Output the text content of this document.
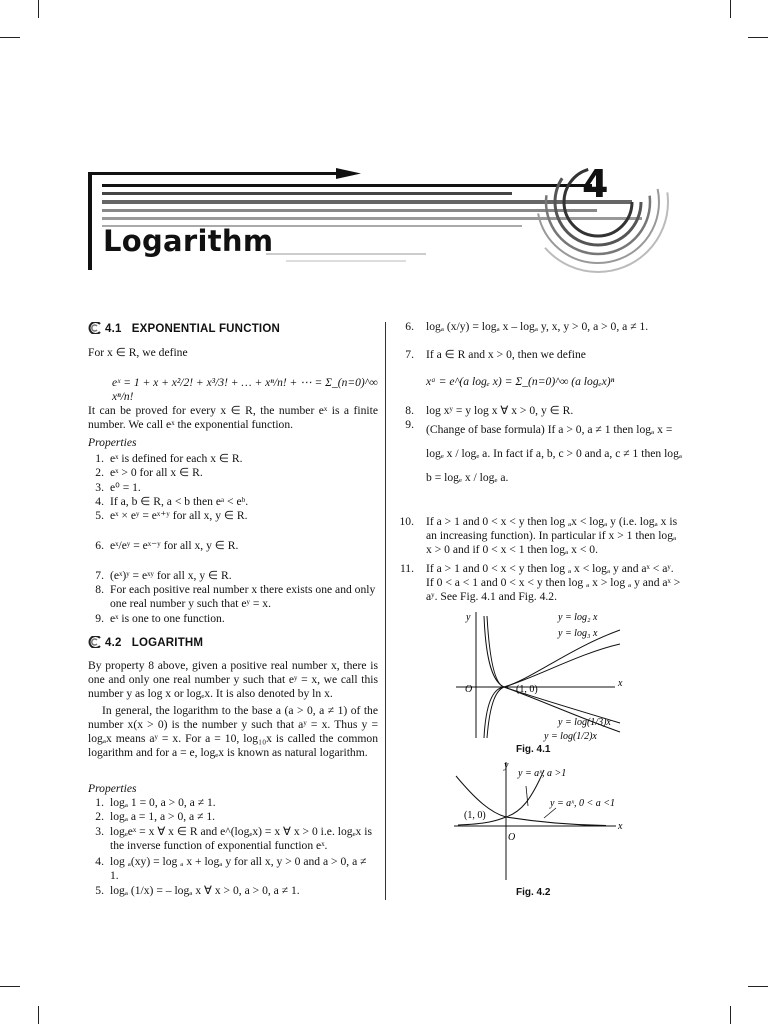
Logarithm
4
4.1 EXPONENTIAL FUNCTION
For x ∈ R, we define
eˣ = 1 + x + x²/2! + x³/3! + … + xⁿ/n! + ⋯ = Σ_(n=0)^∞ xⁿ/n!
It can be proved for every x ∈ R, the number eˣ is a finite number. We call eˣ the exponential function.
Properties
1. eˣ is defined for each x ∈ R.
2. eˣ > 0 for all x ∈ R.
3. e⁰ = 1.
4. If a, b ∈ R, a < b then eᵃ < eᵇ.
5. eˣ × eʸ = eˣ⁺ʸ for all x, y ∈ R.
6. eˣ/eʸ = eˣ⁻ʸ for all x, y ∈ R.
7. (eˣ)ʸ = eˣʸ for all x, y ∈ R.
8. For each positive real number x there exists one and only one real number y such that eʸ = x.
9. eˣ is one to one function.
4.2 LOGARITHM
By property 8 above, given a positive real number x, there is one and only one real number y such that eʸ = x, we call this number y as log x or logₑx. It is also denoted by ln x.
In general, the logarithm to the base a (a > 0, a ≠ 1) of the number x(x > 0) is the number y such that aʸ = x. Thus y = logₐx means aʸ = x. For a = 10, log₁₀x is called the common logarithm and for a = e, logₑx is known as natural logarithm.
Properties
1. logₐ 1 = 0, a > 0, a ≠ 1.
2. logₐ a = 1, a > 0, a ≠ 1.
3. logₑeˣ = x ∀ x ∈ R and e^(logₑx) = x ∀ x > 0 i.e. logₑx is the inverse function of exponential function eˣ.
4. log ₐ(xy) = log ₐ x + logₐ y for all x, y > 0 and a > 0, a ≠ 1.
5. logₐ (1/x) = – logₐ x ∀ x > 0, a > 0, a ≠ 1.
6. logₐ (x/y) = logₐ x – logₐ y, x, y > 0, a > 0, a ≠ 1.
7. If a ∈ R and x > 0, then we define
xᵃ = e^(a logₑ x) = Σ_(n=0)^∞ (a logₑx)ⁿ
8. log xʸ = y log x ∀ x > 0, y ∈ R.
9. (Change of base formula) If a > 0, a ≠ 1 then logₐ x = logₑ x / logₑ a. In fact if a, b, c > 0 and a, c ≠ 1 then logₐ b = logₑ x / logₑ a.
10. If a > 1 and 0 < x < y then log ₐx < logₐ y (i.e. logₐ x is an increasing function). In particular if x > 1 then logₐ x > 0 and if 0 < x < 1 then logₐ x < 0.
11. If a > 1 and 0 < x < y then log ₐ x < logₐ y and aˣ < aʸ. If 0 < a < 1 and 0 < x < y then log ₐ x > log ₐ y and aˣ > aʸ. See Fig. 4.1 and Fig. 4.2.
y
x
O	(1, 0)
y = log₂ x
y = log₃ x
y = log(1/3)x
y = log(1/2)x
Fig. 4.1
y
x
O
(1, 0)
y = aˣ, a >1
y = aˣ, 0 < a <1
Fig. 4.2
